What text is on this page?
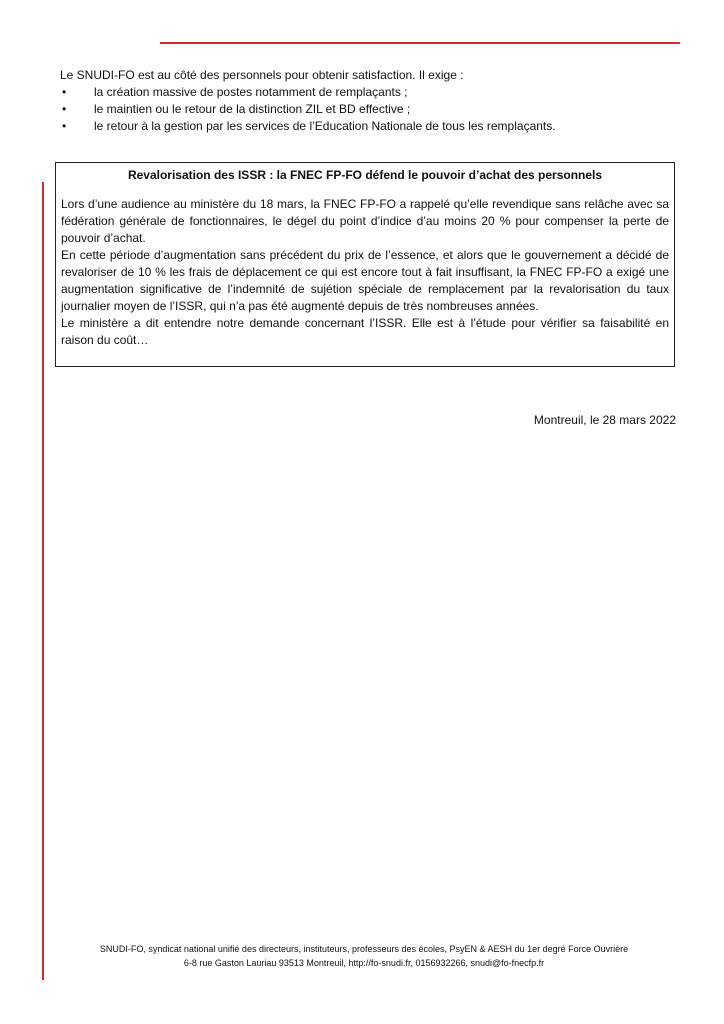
Le SNUDI-FO est au côté des personnels pour obtenir satisfaction. Il exige :

• la création massive de postes notamment de remplaçants ;
• le maintien ou le retour de la distinction ZIL et BD effective ;
• le retour à la gestion par les services de l’Education Nationale de tous les remplaçants.
Revalorisation des ISSR : la FNEC FP-FO défend le pouvoir d’achat des personnels

Lors d’une audience au ministère du 18 mars, la FNEC FP-FO a rappelé qu’elle revendique sans relâche avec sa fédération générale de fonctionnaires, le dégel du point d’indice d’au moins 20 % pour compenser la perte de pouvoir d’achat.

En cette période d’augmentation sans précédent du prix de l’essence, et alors que le gouvernement a décidé de revaloriser de 10 % les frais de déplacement ce qui est encore tout à fait insuffisant, la FNEC FP-FO a exigé une augmentation significative de l’indemnité de sujétion spéciale de remplacement par la revalorisation du taux journalier moyen de l’ISSR, qui n’a pas été augmenté depuis de très nombreuses années.

Le ministère a dit entendre notre demande concernant l’ISSR. Elle est à l’étude pour vérifier sa faisabilité en raison du coût…

Montreuil, le 28 mars 2022
SNUDI-FO, syndicat national unifié des directeurs, instituteurs, professeurs des écoles, PsyEN & AESH du 1er degré Force Ouvrière
6-8 rue Gaston Lauriau 93513 Montreuil, http://fo-snudi.fr, 0156932266, snudi@fo-fnecfp.fr
